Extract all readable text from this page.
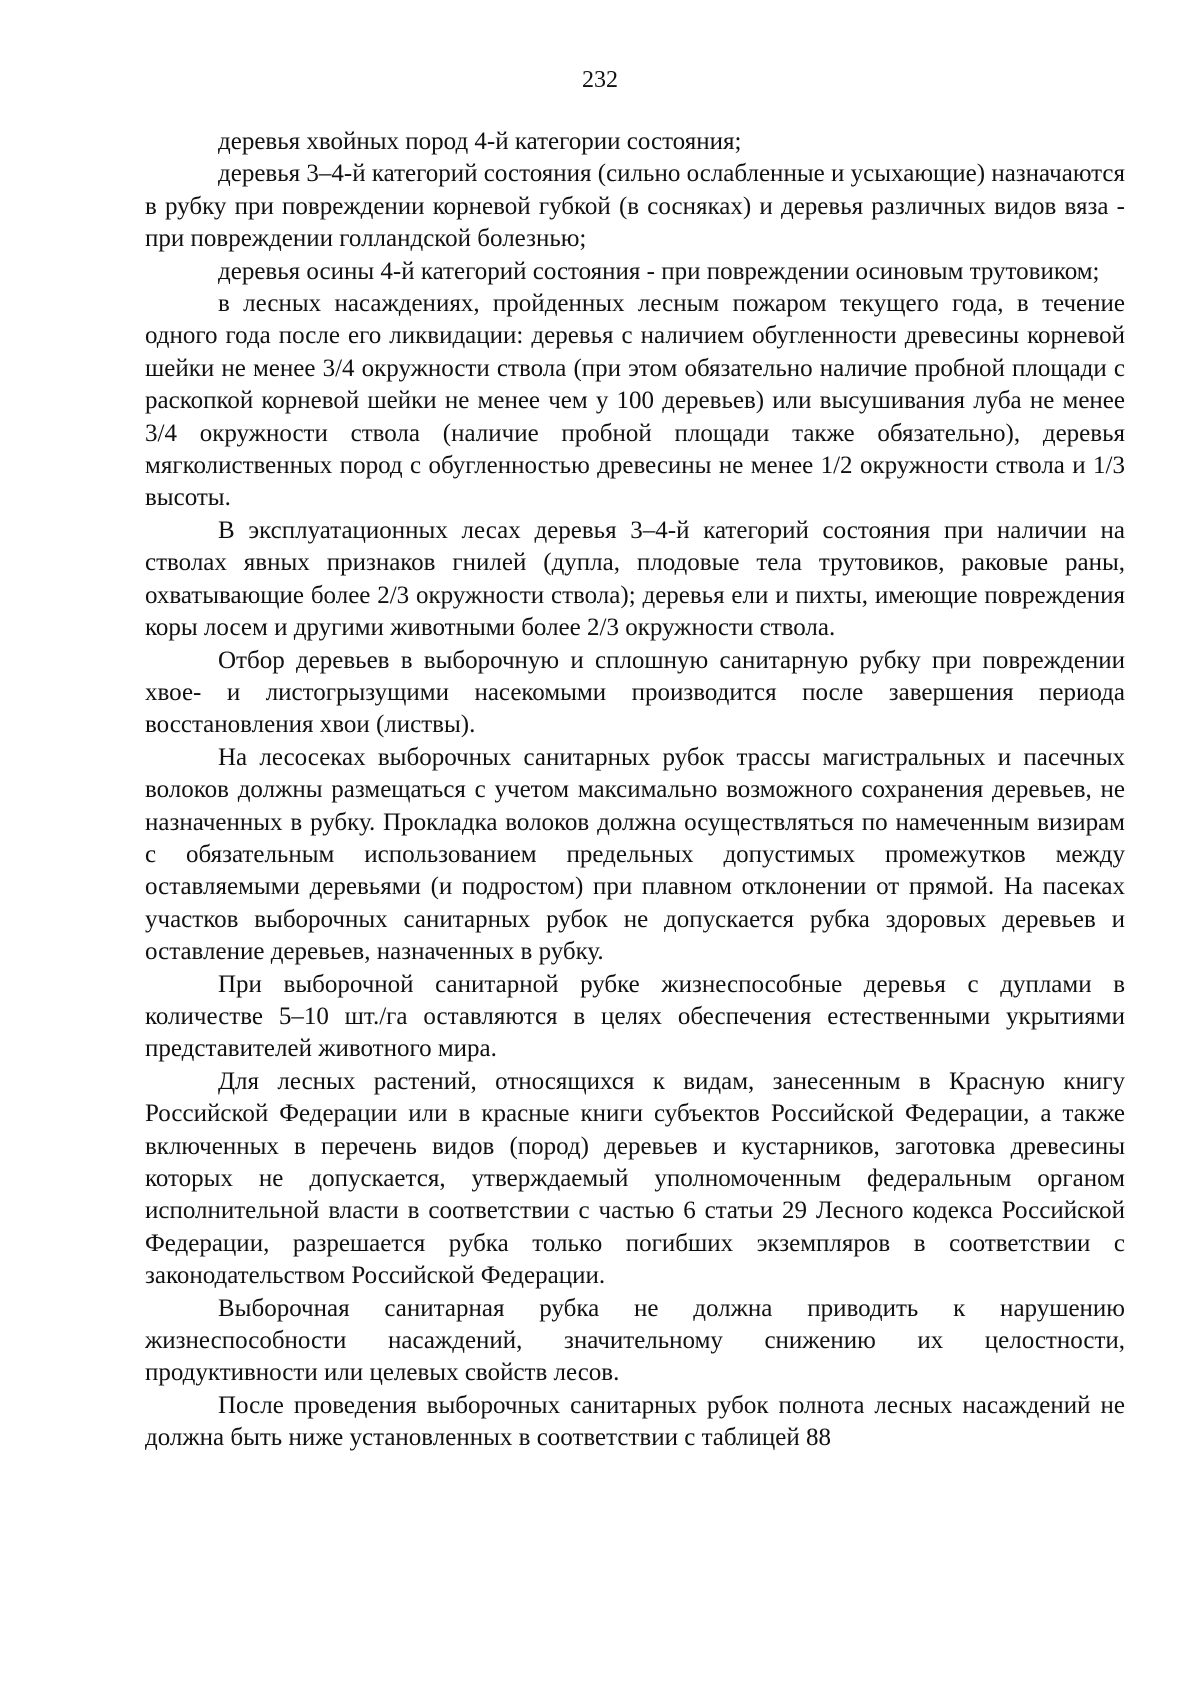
232

деревья хвойных пород 4-й категории состояния;

деревья 3–4-й категорий состояния (сильно ослабленные и усыхающие) назначаются в рубку при повреждении корневой губкой (в сосняках) и деревья различных видов вяза - при повреждении голландской болезнью;

деревья осины 4-й категорий состояния - при повреждении осиновым трутовиком;

в лесных насаждениях, пройденных лесным пожаром текущего года, в течение одного года после его ликвидации: деревья с наличием обугленности древесины корневой шейки не менее 3/4 окружности ствола (при этом обязательно наличие пробной площади с раскопкой корневой шейки не менее чем у 100 деревьев) или высушивания луба не менее 3/4 окружности ствола (наличие пробной площади также обязательно), деревья мягколиственных пород с обугленностью древесины не менее 1/2 окружности ствола и 1/3 высоты.

В эксплуатационных лесах деревья 3–4-й категорий состояния при наличии на стволах явных признаков гнилей (дупла, плодовые тела трутовиков, раковые раны, охватывающие более 2/3 окружности ствола); деревья ели и пихты, имеющие повреждения коры лосем и другими животными более 2/3 окружности ствола.

Отбор деревьев в выборочную и сплошную санитарную рубку при повреждении хвое- и листогрызущими насекомыми производится после завершения периода восстановления хвои (листвы).

На лесосеках выборочных санитарных рубок трассы магистральных и пасечных волоков должны размещаться с учетом максимально возможного сохранения деревьев, не назначенных в рубку. Прокладка волоков должна осуществляться по намеченным визирам с обязательным использованием предельных допустимых промежутков между оставляемыми деревьями (и подростом) при плавном отклонении от прямой. На пасеках участков выборочных санитарных рубок не допускается рубка здоровых деревьев и оставление деревьев, назначенных в рубку.

При выборочной санитарной рубке жизнеспособные деревья с дуплами в количестве 5–10 шт./га оставляются в целях обеспечения естественными укрытиями представителей животного мира.

Для лесных растений, относящихся к видам, занесенным в Красную книгу Российской Федерации или в красные книги субъектов Российской Федерации, а также включенных в перечень видов (пород) деревьев и кустарников, заготовка древесины которых не допускается, утверждаемый уполномоченным федеральным органом исполнительной власти в соответствии с частью 6 статьи 29 Лесного кодекса Российской Федерации, разрешается рубка только погибших экземпляров в соответствии с законодательством Российской Федерации.

Выборочная санитарная рубка не должна приводить к нарушению жизнеспособности насаждений, значительному снижению их целостности, продуктивности или целевых свойств лесов.

После проведения выборочных санитарных рубок полнота лесных насаждений не должна быть ниже установленных в соответствии с таблицей 88
